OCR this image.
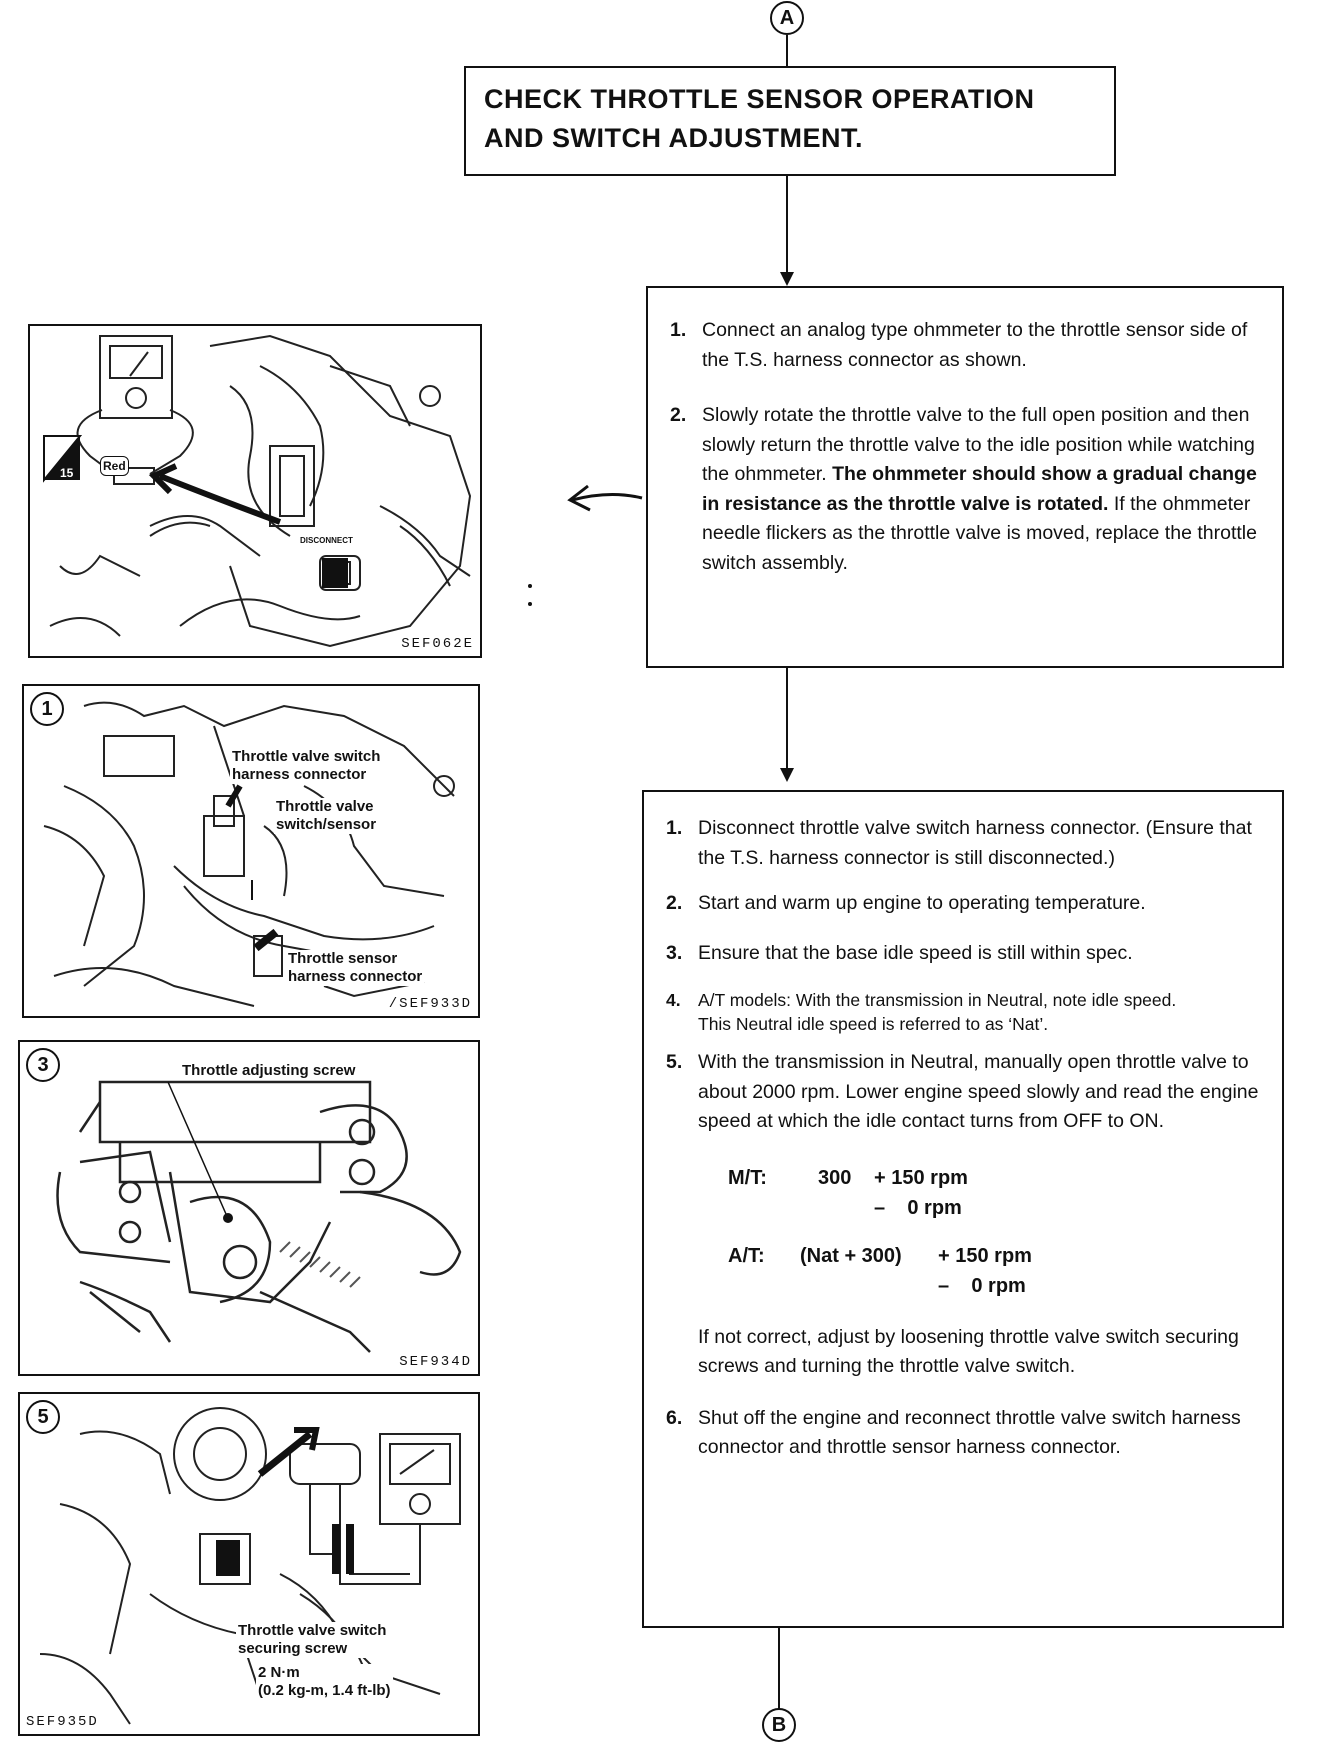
A
CHECK THROTTLE SENSOR OPERATION
AND SWITCH ADJUSTMENT.
1. Connect an analog type ohmmeter to the throttle sensor side of the T.S. harness connector as shown.
2. Slowly rotate the throttle valve to the full open position and then slowly return the throttle valve to the idle position while watching the ohmmeter. The ohmmeter should show a gradual change in resistance as the throttle valve is rotated. If the ohmmeter needle flickers as the throttle valve is moved, replace the throttle switch assembly.
1. Disconnect throttle valve switch harness connector. (Ensure that the T.S. harness connector is still disconnected.)
2. Start and warm up engine to operating temperature.
3. Ensure that the base idle speed is still within spec.
4. A/T models: With the transmission in Neutral, note idle speed. This Neutral idle speed is referred to as ‘Nat’.
5. With the transmission in Neutral, manually open throttle valve to about 2000 rpm. Lower engine speed slowly and read the engine speed at which the idle contact turns from OFF to ON.
M/T:	300	+ 150 rpm
–    0 rpm
A/T:	(Nat + 300)	+ 150 rpm
–    0 rpm
If not correct, adjust by loosening throttle valve switch securing screws and turning the throttle valve switch.
6. Shut off the engine and reconnect throttle valve switch harness connector and throttle sensor harness connector.
B
Red
15
DISCONNECT
SEF062E
1
Throttle valve switch
harness connector
Throttle valve
switch/sensor
Throttle sensor
harness connector
/SEF933D
3	Throttle adjusting screw
SEF934D
5
Throttle valve switch
securing screw
2 N·m
(0.2 kg-m, 1.4 ft-lb)
SEF935D
